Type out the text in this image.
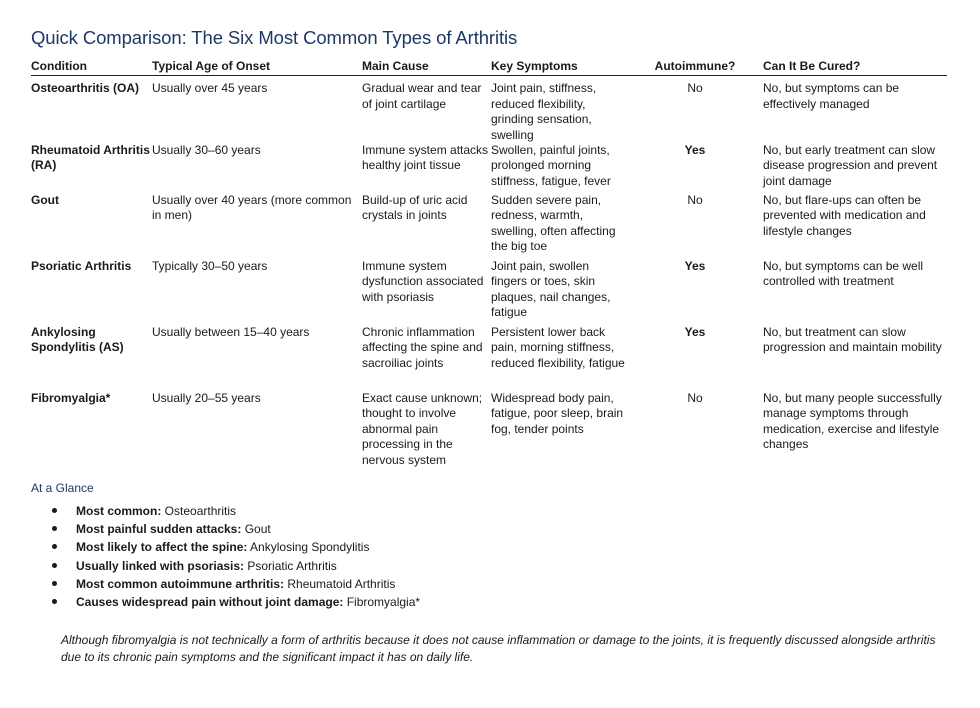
Quick Comparison: The Six Most Common Types of Arthritis
Condition	Typical Age of Onset	Main Cause	Key Symptoms	Autoimmune?	Can It Be Cured?
Osteoarthritis (OA)	Usually over 45 years	Gradual wear and tear of joint cartilage	Joint pain, stiffness, reduced flexibility, grinding sensation, swelling	No	No, but symptoms can be effectively managed
Rheumatoid Arthritis (RA)	Usually 30–60 years	Immune system attacks healthy joint tissue	Swollen, painful joints, prolonged morning stiffness, fatigue, fever	Yes	No, but early treatment can slow disease progression and prevent joint damage
Gout	Usually over 40 years (more common in men)	Build-up of uric acid crystals in joints	Sudden severe pain, redness, warmth, swelling, often affecting the big toe	No	No, but flare-ups can often be prevented with medication and lifestyle changes
Psoriatic Arthritis	Typically 30–50 years	Immune system dysfunction associated with psoriasis	Joint pain, swollen fingers or toes, skin plaques, nail changes, fatigue	Yes	No, but symptoms can be well controlled with treatment
Ankylosing Spondylitis (AS)	Usually between 15–40 years	Chronic inflammation affecting the spine and sacroiliac joints	Persistent lower back pain, morning stiffness, reduced flexibility, fatigue	Yes	No, but treatment can slow progression and maintain mobility
Fibromyalgia*	Usually 20–55 years	Exact cause unknown; thought to involve abnormal pain processing in the nervous system	Widespread body pain, fatigue, poor sleep, brain fog, tender points	No	No, but many people successfully manage symptoms through medication, exercise and lifestyle changes
At a Glance
Most common: Osteoarthritis
Most painful sudden attacks: Gout
Most likely to affect the spine: Ankylosing Spondylitis
Usually linked with psoriasis: Psoriatic Arthritis
Most common autoimmune arthritis: Rheumatoid Arthritis
Causes widespread pain without joint damage: Fibromyalgia*
Although fibromyalgia is not technically a form of arthritis because it does not cause inflammation or damage to the joints, it is frequently discussed alongside arthritis due to its chronic pain symptoms and the significant impact it has on daily life.
